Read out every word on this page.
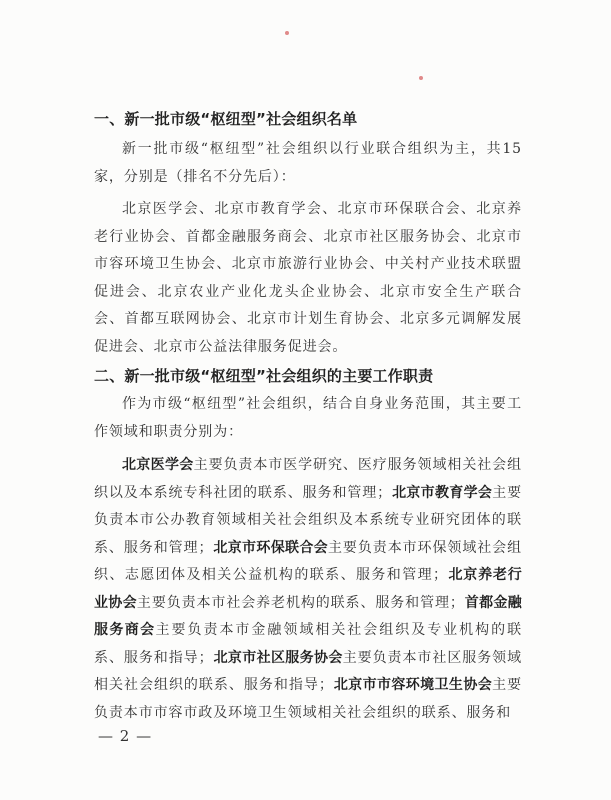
一、新一批市级“枢纽型”社会组织名单

新一批市级“枢纽型”社会组织以行业联合组织为主，共15家，分别是（排名不分先后）：

北京医学会、北京市教育学会、北京市环保联合会、北京养老行业协会、首都金融服务商会、北京市社区服务协会、北京市市容环境卫生协会、北京市旅游行业协会、中关村产业技术联盟促进会、北京农业产业化龙头企业协会、北京市安全生产联合会、首都互联网协会、北京市计划生育协会、北京多元调解发展促进会、北京市公益法律服务促进会。

二、新一批市级“枢纽型”社会组织的主要工作职责

作为市级“枢纽型”社会组织，结合自身业务范围，其主要工作领域和职责分别为：

北京医学会主要负责本市医学研究、医疗服务领域相关社会组织以及本系统专科社团的联系、服务和管理；北京市教育学会主要负责本市公办教育领域相关社会组织及本系统专业研究团体的联系、服务和管理；北京市环保联合会主要负责本市环保领域社会组织、志愿团体及相关公益机构的联系、服务和管理；北京养老行业协会主要负责本市社会养老机构的联系、服务和管理；首都金融服务商会主要负责本市金融领域相关社会组织及专业机构的联系、服务和指导；北京市社区服务协会主要负责本市社区服务领域相关社会组织的联系、服务和指导；北京市市容环境卫生协会主要负责本市市容市政及环境卫生领域相关社会组织的联系、服务和

— 2 —
